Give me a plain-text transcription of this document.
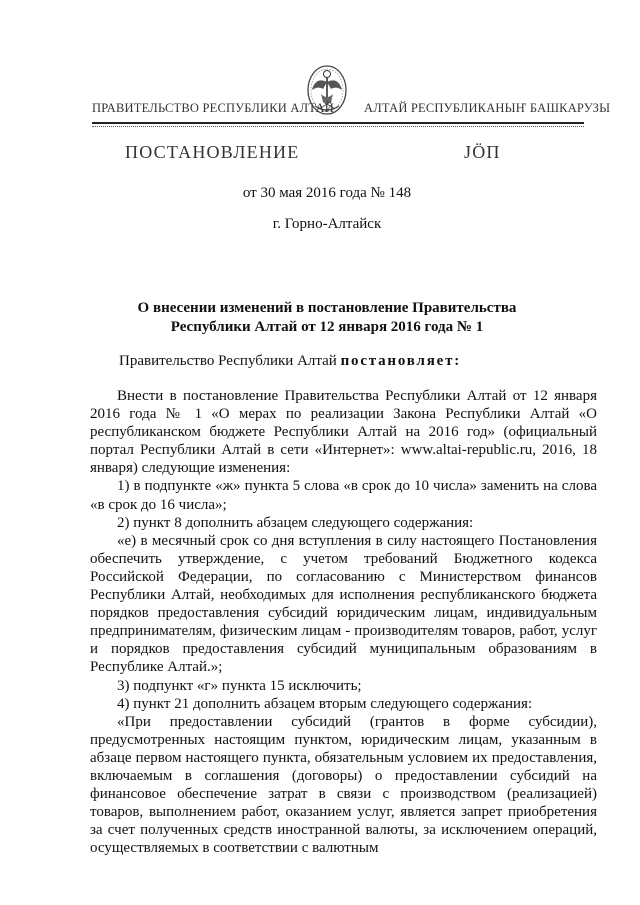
ПРАВИТЕЛЬСТВО РЕСПУБЛИКИ АЛТАЙ АЛТАЙ РЕСПУБЛИКАНЫҤ БАШКАРУЗЫ
ПОСТАНОВЛЕНИЕ	JӦП
от 30 мая 2016 года № 148
г. Горно-Алтайск
О внесении изменений в постановление Правительства
Республики Алтай от 12 января 2016 года № 1
Правительство Республики Алтай постановляет:

Внести в постановление Правительства Республики Алтай от 12 января 2016 года № 1 «О мерах по реализации Закона Республики Алтай «О республиканском бюджете Республики Алтай на 2016 год» (официальный портал Республики Алтай в сети «Интернет»: www.altai-republic.ru, 2016, 18 января) следующие изменения:

1) в подпункте «ж» пункта 5 слова «в срок до 10 числа» заменить на слова «в срок до 16 числа»;

2) пункт 8 дополнить абзацем следующего содержания:

«е) в месячный срок со дня вступления в силу настоящего Постановления обеспечить утверждение, с учетом требований Бюджетного кодекса Российской Федерации, по согласованию с Министерством финансов Республики Алтай, необходимых для исполнения республиканского бюджета порядков предоставления субсидий юридическим лицам, индивидуальным предпринимателям, физическим лицам - производителям товаров, работ, услуг и порядков предоставления субсидий муниципальным образованиям в Республике Алтай.»;

3) подпункт «г» пункта 15 исключить;

4) пункт 21 дополнить абзацем вторым следующего содержания:

«При предоставлении субсидий (грантов в форме субсидии), предусмотренных настоящим пунктом, юридическим лицам, указанным в абзаце первом настоящего пункта, обязательным условием их предоставления, включаемым в соглашения (договоры) о предоставлении субсидий на финансовое обеспечение затрат в связи с производством (реализацией) товаров, выполнением работ, оказанием услуг, является запрет приобретения за счет полученных средств иностранной валюты, за исключением операций, осуществляемых в соответствии с валютным
